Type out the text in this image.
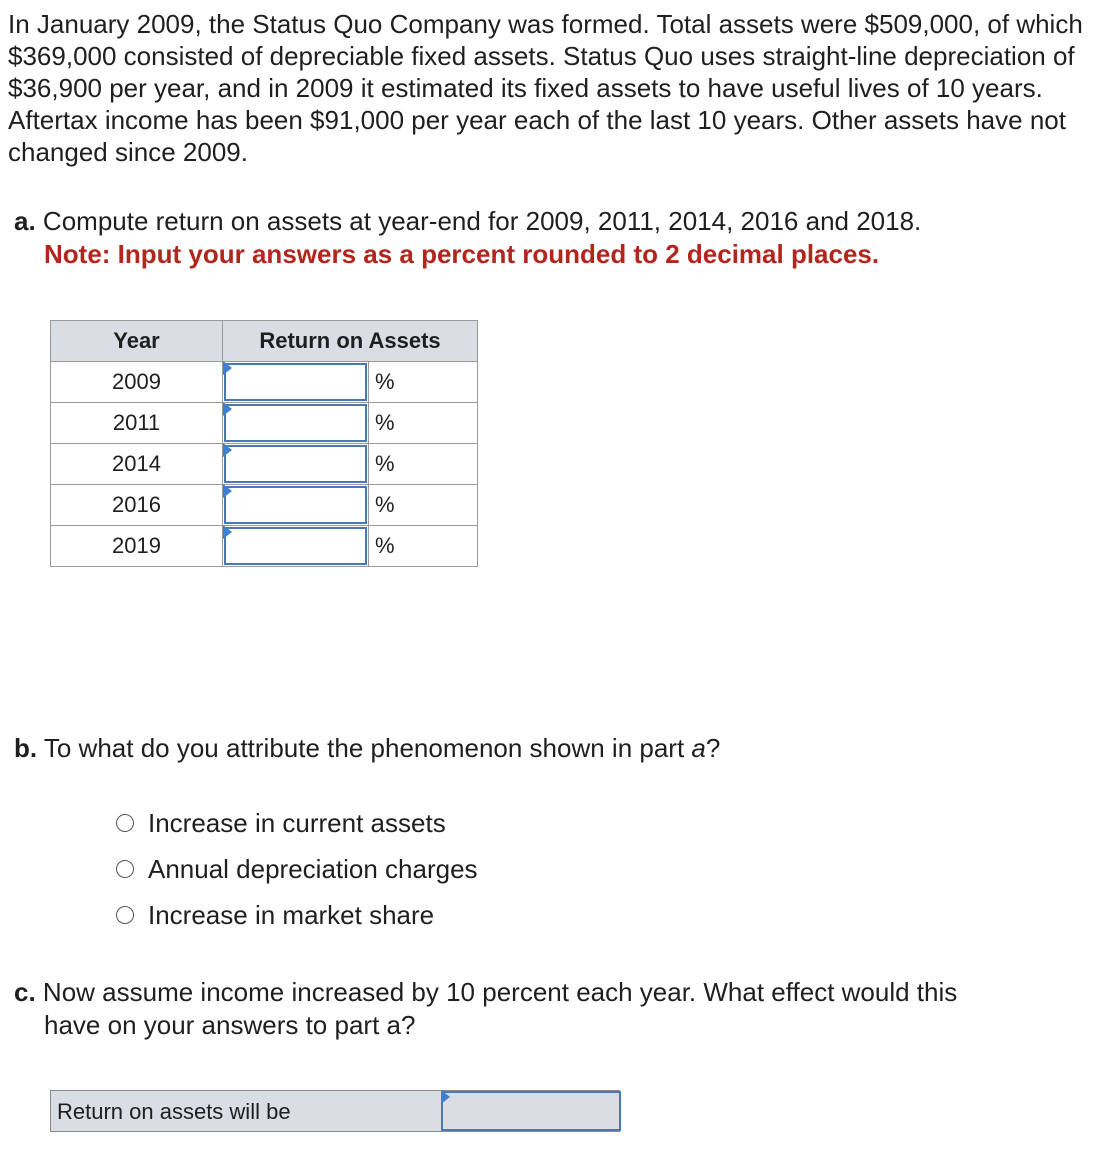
In January 2009, the Status Quo Company was formed. Total assets were $509,000, of which $369,000 consisted of depreciable fixed assets. Status Quo uses straight-line depreciation of $36,900 per year, and in 2009 it estimated its fixed assets to have useful lives of 10 years. Aftertax income has been $91,000 per year each of the last 10 years. Other assets have not changed since 2009.

a. Compute return on assets at year-end for 2009, 2011, 2014, 2016 and 2018.
Note: Input your answers as a percent rounded to 2 decimal places.

Year	Return on Assets	
2009		%
2011		%
2014		%
2016		%
2019		%

b. To what do you attribute the phenomenon shown in part a?

Increase in current assets
Annual depreciation charges
Increase in market share

c. Now assume income increased by 10 percent each year. What effect would this
have on your answers to part a?

Return on assets will be
